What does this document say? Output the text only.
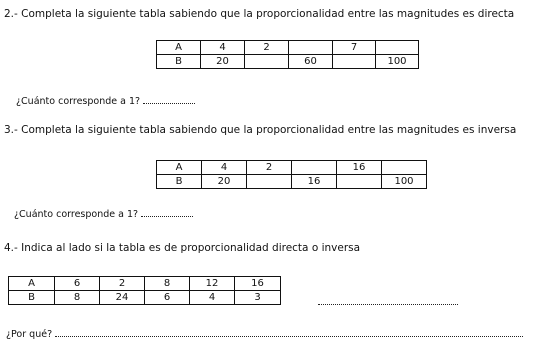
2.- Completa la siguiente tabla sabiendo que la proporcionalidad entre las magnitudes es directa
A	4	2		7	
B	20		60		100
¿Cuánto corresponde a 1?
3.- Completa la siguiente tabla sabiendo que la proporcionalidad entre las magnitudes es inversa
A	4	2		16	
B	20		16		100
¿Cuánto corresponde a 1?
4.- Indica al lado si la tabla es de proporcionalidad directa o inversa
A	6	2	8	12	16
B	8	24	6	4	3
¿Por qué?
